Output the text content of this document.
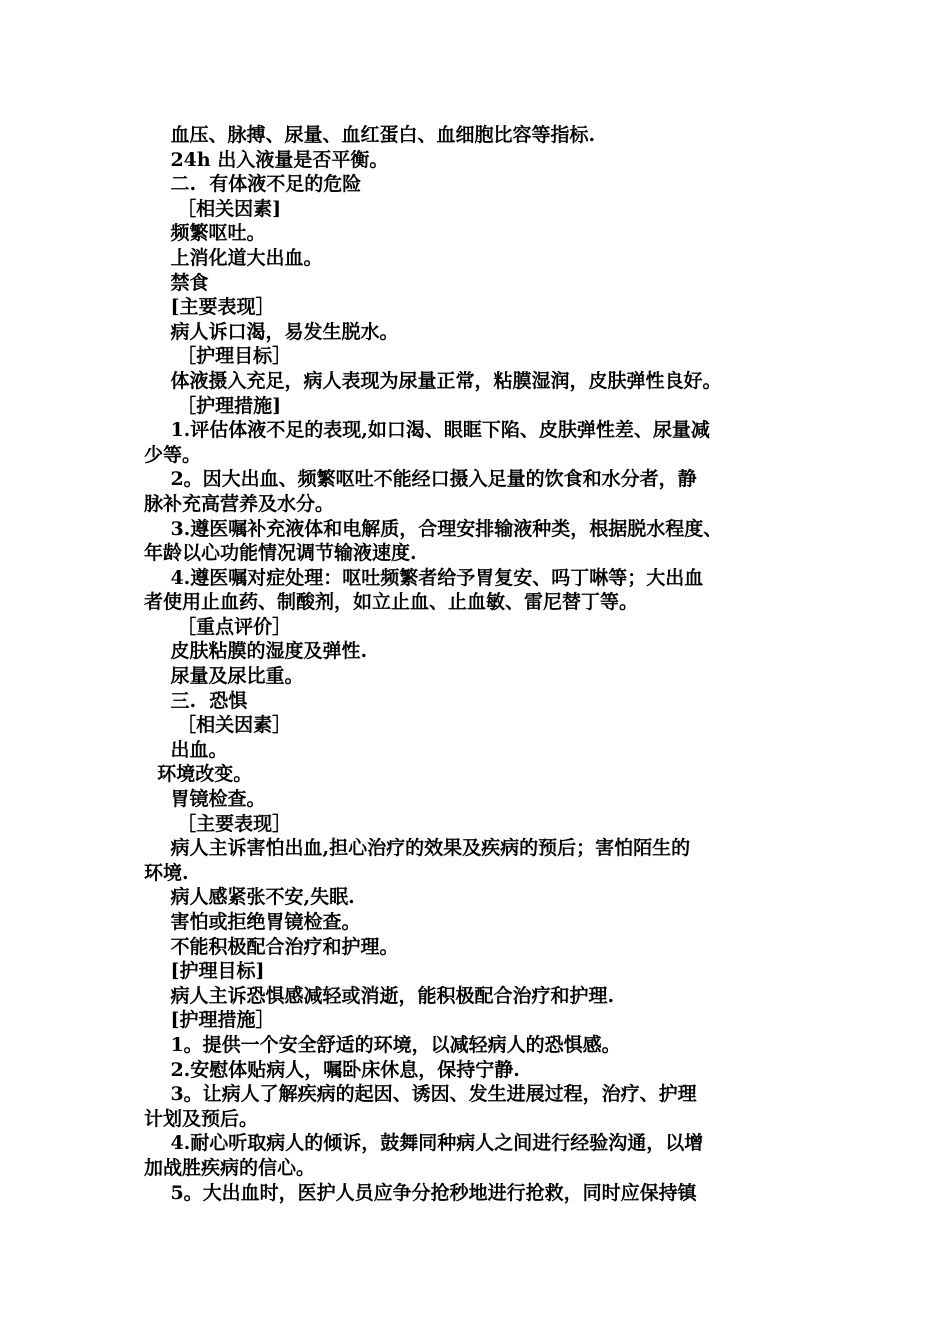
血压、脉搏、尿量、血红蛋白、血细胞比容等指标.
24h 出入液量是否平衡。
二.  有体液不足的危险
［相关因素]
频繁呕吐。
上消化道大出血。
禁食
[主要表现］
病人诉口渴，易发生脱水。
［护理目标］
体液摄入充足，病人表现为尿量正常，粘膜湿润，皮肤弹性良好。
［护理措施]
1.评估体液不足的表现,如口渴、眼眶下陷、皮肤弹性差、尿量减
少等。
2。因大出血、频繁呕吐不能经口摄入足量的饮食和水分者，静
脉补充高营养及水分。
3.遵医嘱补充液体和电解质，合理安排输液种类，根据脱水程度、
年龄以心功能情况调节输液速度.
4.遵医嘱对症处理：呕吐频繁者给予胃复安、吗丁啉等；大出血
者使用止血药、制酸剂，如立止血、止血敏、雷尼替丁等。
［重点评价］
皮肤粘膜的湿度及弹性.
尿量及尿比重。
三.  恐惧
［相关因素］
出血。
环境改变。
胃镜检查。
［主要表现］
病人主诉害怕出血,担心治疗的效果及疾病的预后；害怕陌生的
环境.
病人感紧张不安,失眠.
害怕或拒绝胃镜检查。
不能积极配合治疗和护理。
[护理目标]
病人主诉恐惧感减轻或消逝，能积极配合治疗和护理.
[护理措施］
1。提供一个安全舒适的环境，以减轻病人的恐惧感。
2.安慰体贴病人，嘱卧床休息，保持宁静.
3。让病人了解疾病的起因、诱因、发生进展过程，治疗、护理
计划及预后。
4.耐心听取病人的倾诉，鼓舞同种病人之间进行经验沟通，以增
加战胜疾病的信心。
5。大出血时，医护人员应争分抢秒地进行抢救，同时应保持镇
